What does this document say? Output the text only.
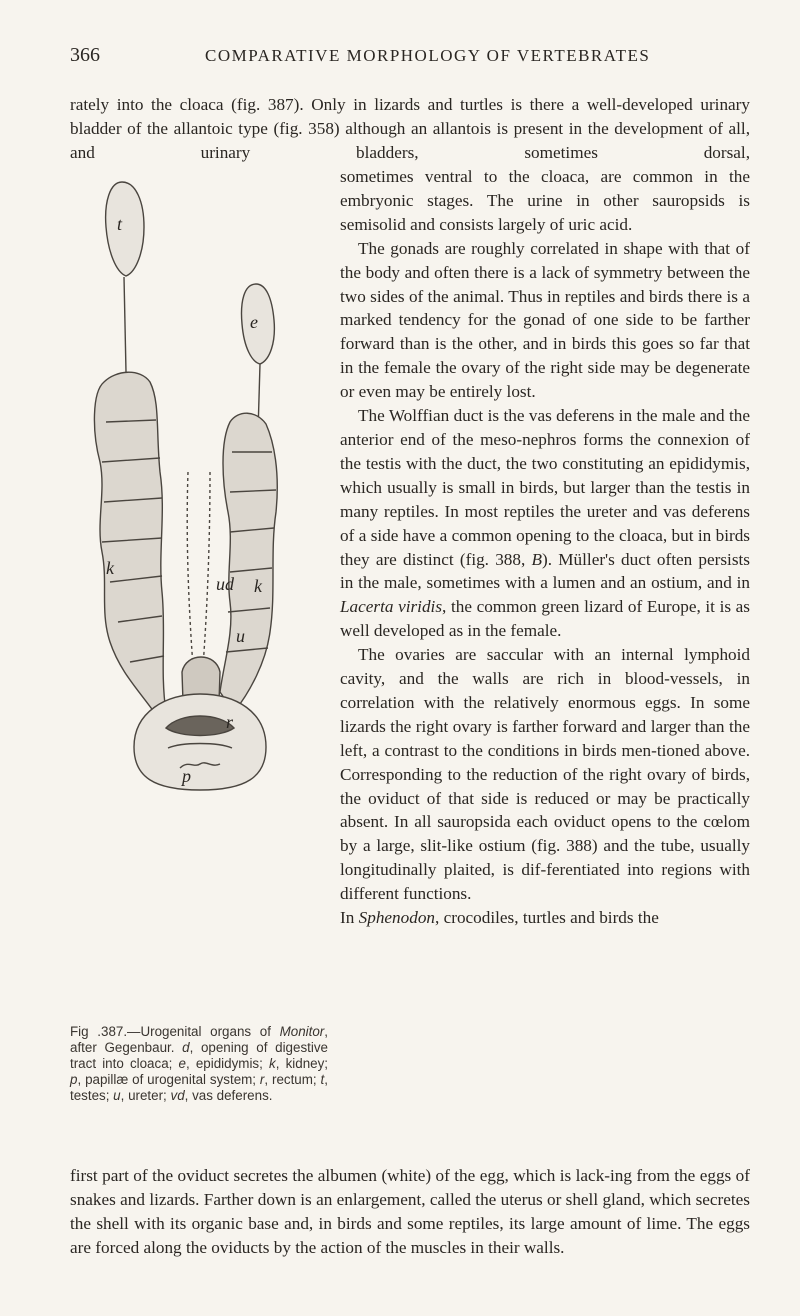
366	COMPARATIVE MORPHOLOGY OF VERTEBRATES

rately into the cloaca (fig. 387). Only in lizards and turtles is there a well-developed urinary bladder of the allantoic type (fig. 358) although an allantois is present in the development of all, and urinary bladders, sometimes dorsal,

t
e
k
k
ud
u
r
p
Fig .387.—Urogenital organs of Monitor, after Gegenbaur. d, opening of digestive tract into cloaca; e, epididymis; k, kidney; p, papillæ of urogenital system; r, rectum; t, testes; u, ureter; vd, vas deferens.

sometimes ventral to the cloaca, are common in the embryonic stages. The urine in other sauropsids is semisolid and consists largely of uric acid.

The gonads are roughly correlated in shape with that of the body and often there is a lack of symmetry between the two sides of the animal. Thus in reptiles and birds there is a marked tendency for the gonad of one side to be farther forward than is the other, and in birds this goes so far that in the female the ovary of the right side may be degenerate or even may be entirely lost.

The Wolffian duct is the vas deferens in the male and the anterior end of the meso-nephros forms the connexion of the testis with the duct, the two constituting an epididymis, which usually is small in birds, but larger than the testis in many reptiles. In most reptiles the ureter and vas deferens of a side have a common opening to the cloaca, but in birds they are distinct (fig. 388, B). Müller's duct often persists in the male, sometimes with a lumen and an ostium, and in Lacerta viridis, the common green lizard of Europe, it is as well developed as in the female.

The ovaries are saccular with an internal lymphoid cavity, and the walls are rich in blood-vessels, in correlation with the relatively enormous eggs. In some lizards the right ovary is farther forward and larger than the left, a contrast to the conditions in birds men-tioned above. Corresponding to the reduction of the right ovary of birds, the oviduct of that side is reduced or may be practically absent. In all sauropsida each oviduct opens to the cœlom by a large, slit-like ostium (fig. 388) and the tube, usually longitudinally plaited, is dif-ferentiated into regions with different functions.
In Sphenodon, crocodiles, turtles and birds the

first part of the oviduct secretes the albumen (white) of the egg, which is lack-ing from the eggs of snakes and lizards. Farther down is an enlargement, called the uterus or shell gland, which secretes the shell with its organic base and, in birds and some reptiles, its large amount of lime. The eggs are forced along the oviducts by the action of the muscles in their walls.
